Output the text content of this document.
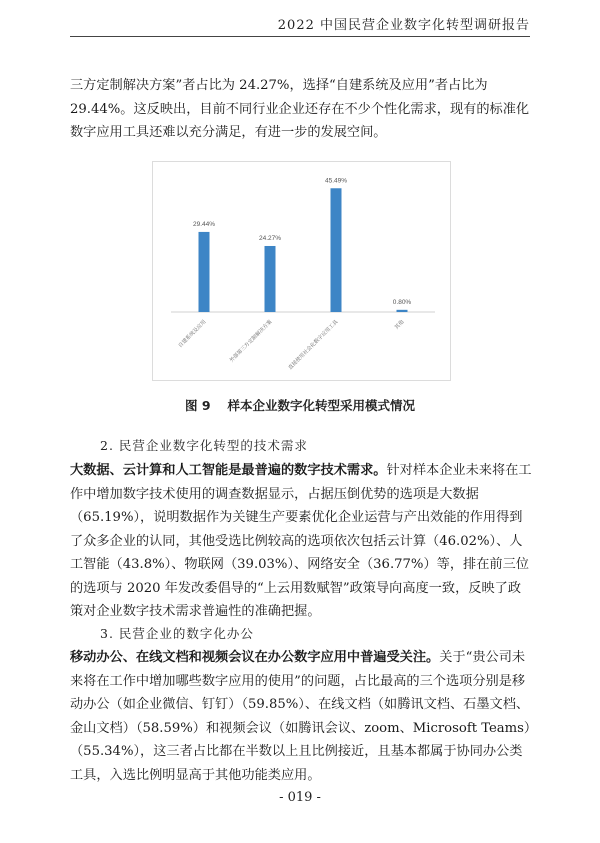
2022 中国民营企业数字化转型调研报告

三方定制解决方案”者占比为 24.27%，选择“自建系统及应用”者占比为 29.44%。这反映出，目前不同行业企业还存在不少个性化需求，现有的标准化数字应用工具还难以充分满足，有进一步的发展空间。

29.44%
自建系统及应用
24.27%
外部第三方定制解决方案
45.49%
直接使用社会化数字应用工具
0.80%
其他
图 9　 样本企业数字化转型采用模式情况

2. 民营企业数字化转型的技术需求

大数据、云计算和人工智能是最普遍的数字技术需求。针对样本企业未来将在工作中增加数字技术使用的调查数据显示，占据压倒优势的选项是大数据（65.19%），说明数据作为关键生产要素优化企业运营与产出效能的作用得到了众多企业的认同，其他受选比例较高的选项依次包括云计算（46.02%）、人工智能（43.8%）、物联网（39.03%）、网络安全（36.77%）等，排在前三位的选项与 2020 年发改委倡导的“上云用数赋智”政策导向高度一致，反映了政策对企业数字技术需求普遍性的准确把握。

3. 民营企业的数字化办公

移动办公、在线文档和视频会议在办公数字应用中普遍受关注。关于“贵公司未来将在工作中增加哪些数字应用的使用”的问题，占比最高的三个选项分别是移动办公（如企业微信、钉钉）（59.85%）、在线文档（如腾讯文档、石墨文档、金山文档）（58.59%）和视频会议（如腾讯会议、zoom、Microsoft Teams）（55.34%），这三者占比都在半数以上且比例接近，且基本都属于协同办公类工具，入选比例明显高于其他功能类应用。

- 019 -
